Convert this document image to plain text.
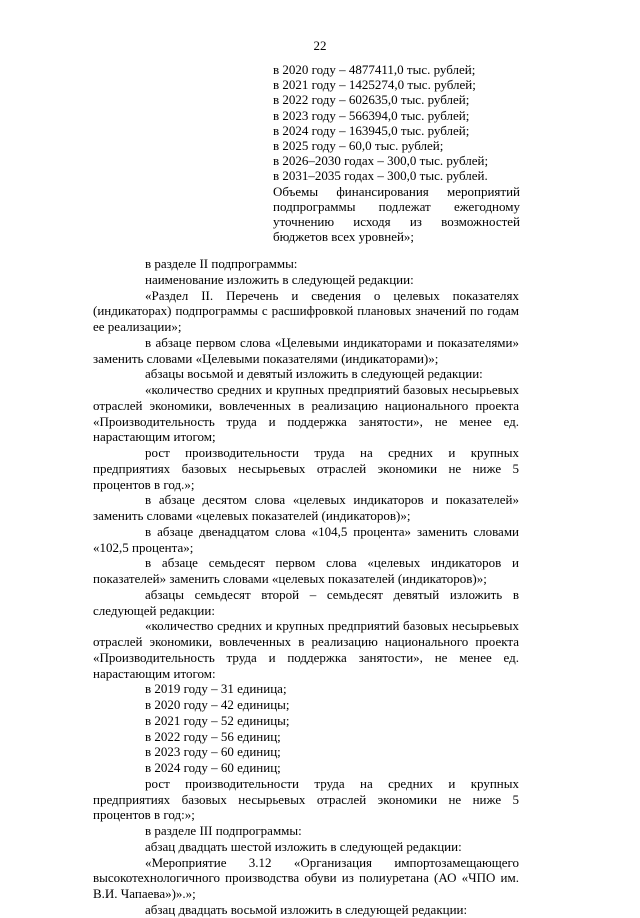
22
в 2020 году – 4877411,0 тыс. рублей;
в 2021 году – 1425274,0 тыс. рублей;
в 2022 году – 602635,0 тыс. рублей;
в 2023 году – 566394,0 тыс. рублей;
в 2024 году – 163945,0 тыс. рублей;
в 2025 году – 60,0 тыс. рублей;
в 2026–2030 годах – 300,0 тыс. рублей;
в 2031–2035 годах – 300,0 тыс. рублей.
Объемы финансирования мероприятий подпрограммы подлежат ежегодному уточнению исходя из возможностей бюджетов всех уровней»;

в разделе II подпрограммы:

наименование изложить в следующей редакции:

«Раздел II. Перечень и сведения о целевых показателях (индикаторах) подпрограммы с расшифровкой плановых значений по годам ее реализации»;

в абзаце первом слова «Целевыми индикаторами и показателями» заменить словами «Целевыми показателями (индикаторами)»;

абзацы восьмой и девятый изложить в следующей редакции:

«количество средних и крупных предприятий базовых несырьевых отраслей экономики, вовлеченных в реализацию национального проекта «Производительность труда и поддержка занятости», не менее ед. нарастающим итогом;

рост производительности труда на средних и крупных предприятиях базовых несырьевых отраслей экономики не ниже 5 процентов в год.»;

в абзаце десятом слова «целевых индикаторов и показателей» заменить словами «целевых показателей (индикаторов)»;

в абзаце двенадцатом слова «104,5 процента» заменить словами «102,5 процента»;

в абзаце семьдесят первом слова «целевых индикаторов и показателей» заменить словами «целевых показателей (индикаторов)»;

абзацы семьдесят второй – семьдесят девятый изложить в следующей редакции:

«количество средних и крупных предприятий базовых несырьевых отраслей экономики, вовлеченных в реализацию национального проекта «Производительность труда и поддержка занятости», не менее ед. нарастающим итогом:

в 2019 году – 31 единица;

в 2020 году – 42 единицы;

в 2021 году – 52 единицы;

в 2022 году – 56 единиц;

в 2023 году – 60 единиц;

в 2024 году – 60 единиц;

рост производительности труда на средних и крупных предприятиях базовых несырьевых отраслей экономики не ниже 5 процентов в год:»;

в разделе III подпрограммы:

абзац двадцать шестой изложить в следующей редакции:

«Мероприятие 3.12 «Организация импортозамещающего высокотехнологичного производства обуви из полиуретана (АО «ЧПО им. В.И. Чапаева»)».»;

абзац двадцать восьмой изложить в следующей редакции:
